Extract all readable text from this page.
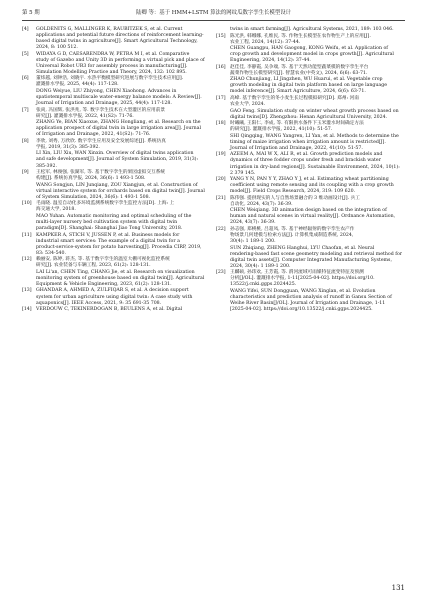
第 5 期	陆卿 等：基于 HMM+LSTM 算法的网纹瓜数字孪生长模型设计
[4] GOLDENITS G, MALLINGER K, RAUBITZEK S, et al. Current
applications and potential future directions of reinforcement learning-
based digital twins in agriculture[J]. Smart Agricultural Technology,
2024, 8: 100 512.
[5] WIDAYA G D, CAESARENDRA W, PETRA M I, et al. Comparative
study of Gazebo and Unity 3D in performing a virtual pick and place of
Universal Robot UR3 for assembly process in manufacturing[J].
Simulation Modelling Practice and Theory, 2024, 132: 102 895.
[6] 董炜越, 刘钟浩, 刘晓宇. 水热平衡模型研究进展与数字孪生技术应用[J].
灌溉排水学报, 2025, 44(4): 117-128.
DONG Weiyue, LIU Zhiyong, CHEN Xiaohong. Advances in
spatiotemporal multiscale water-energy balance models: A Review[J].
Journal of Irrigation and Drainage, 2025, 44(4): 117-128.
[7] 张尚, 冯国辉, 张洪兆, 等. 数字孪生技术在大型灌区的应用前景
研究[J]. 灌溉排水学报, 2022, 41(S2): 71-76.
ZHANG Ye, BIAN Xiaoxue, ZHANG Hongliang, et al. Research on the
application prospect of digital twin in large irrigation area[J]. Journal
of Irrigation and Drainage, 2022, 41(S2): 71-76.
[8] 李欣, 刘秀, 万欣欣. 数字孪生应用及安全发展综述[J]. 系统仿真
学报, 2019, 31(3): 385-392.
LI Xin, LIU Xiu, WAN Xinxin. Overview of digital twins application
and safe development[J]. Journal of System Simulation, 2019, 31(3):
385-392.
[9] 王松军, 林俊强, 张湖军, 等. 基于数字孪生的果园虚拟交互系统
构建[J]. 系统仿真学报, 2024, 36(6): 1 493-1 508.
WANG Songjun, LIN Junqiang, ZOU Xiangjun, et al. Construction of
virtual interactive system for orchards based on digital twin[J]. Journal
of System Simulation, 2024, 36(6): 1 493-1 508.
[10] 毛雨晓. 温室自动化多环境监测系统数字孪生监控方法[D]. 上海: 上
海交通大学, 2018.
MAO Yuhan. Automatic monitoring and optimal scheduling of the
multi-layer nursery bed cultivation system with digital twin
paradigm[D]. Shanghai: Shanghai Jiao Tong University, 2018.
[11] KAMPKER A, STICH V, JUSSEN P, et al. Business models for
industrial smart services: The example of a digital twin for a
product-service-system for potato harvesting[J]. Procedia CIRP, 2019,
83: 534-540.
[12] 赖丽安, 陈婷, 蒋杰, 等. 基于数字孪生的温室大棚可视化监控系统
研究[J]. 农业装备与车辆工程, 2023, 61(2): 128-131.
LAI Li'an, CHEN Ting, CHANG Jie, et al. Research on visualization
monitoring system of greenhouse based on digital twin[J]. Agricultural
Equipment & Vehicle Engineering, 2023, 61(2): 128-131.
[13] GHANDAR A, AHMED A, ZULFIQAR S, et al. A decision support
system for urban agriculture using digital twin: A case study with
aquaponics[J]. IEEE Access, 2021, 9: 35 691-35 708.
[14] VERDOUW C, TEKINERDOGAN B, BEULENS A, et al. Digital
twins in smart farming[J]. Agricultural Systems, 2021, 189: 103 046.
[15] 陈光洪, 韩娜娜, 孔维民, 等. 作物生长模型在农作物生产上的应用[J].
农业工程, 2024, 14(12): 37-44.
CHEN Guangpu, HAN Gaogong, KONG Weifu, et al. Application of
crop growth and development model in crops growth[J]. Agricultural
Engineering, 2024, 14(12): 37-44.
[16] 赵佳佳, 李静霞, 吴争端, 等. 基于天然功能型蔬菜模的数字孪生平台
蔬菜作物生长模型研究[J]. 智慧农业(中英文), 2024, 6(6): 63-71.
ZHAO Chunjiang, LI Jingzhen, WU Huarui, et al. Vegetable crop
growth modeling in digital twin platform based on large language
model inference[J]. Smart Agriculture, 2024, 6(6): 63-71.
[17] 高峰. 基于数字孪生的冬小麦生长过程模拟研究[D]. 郑州: 河南
农业大学, 2024.
GAO Feng. Simulation study on winter wheat growth process based on
digital twins[D]. Zhengzhou: Henan Agricultural University, 2024.
[18] 时曦曦, 王阳仁, 李成, 等. 有限供水条件下玉米灌水时间确定方法
的研究[J]. 灌溉排水学报, 2022, 41(10): 51-57.
SHI Qingqing, WANG Yangren, LI Yan, et al. Methods to determine the
timing of maize irrigation when irrigation amount is restricted[J].
Journal of Irrigation and Drainage, 2022, 41(10): 51-57.
[19] AZEEM A, MAI W X, ALI R, et al. Growth prediction models and
dynamics of three fodder crops under fresh and brackish water
irrigation in dry-land regions[J]. Sustainable Environment, 2024, 10(1):
2 379 145.
[20] YANG Y N, PAN Y Y, ZHAO Y J, et al. Estimating wheat partitioning
coefficient using remote sensing and its coupling with a crop growth
model[J]. Field Crops Research, 2024, 319: 109 620.
[21] 陈伟强. 提供现实的人与自然场景融合的 3 维动画设计[J]. 兵工
自动化, 2024, 43(7): 36-39.
CHEN Weiqiang. 3D animation design based on the integration of
human and natural scenes in virtual reality[J]. Ordnance Automation,
2024, 43(7): 36-39.
[22] 孙志强, 郑桃桃, 吕超凤, 等. 基于神经辐射的数字孪生农产作
物场景几何建模与检索方法[J]. 计算机集成制造系统, 2024,
30(4): 1 189-1 200.
SUN Zhiqiang, ZHENG Hanghui, LYU Chaofan, et al. Neural
rendering-based fast scene geometry modeling and retrieval method for
digital twin assets[J]. Computer Integrated Manufacturing Systems,
2024, 30(4): 1 189-1 200.
[23] 王麟硕, 孙玮欢, 王芳霞, 等. 渭河流域可雨媒特征流变特征及预测
分析[J/OL]. 灌溉排水学报, 1-11[2025-04-02]. https://doi.org/10.
13522/j.cnki.ggps.2024425.
WANG Yifei, SUN Dongguan, WANG Xinglan, et al. Evolution
characteristics and prediction analysis of runoff in Gansu Section of
Weihe River Basin[J/OL]. Journal of Irrigation and Drainage, 1-11
[2025-04-02]. https://doi.org/10.13522/j.cnki.ggps.2024425.
131
